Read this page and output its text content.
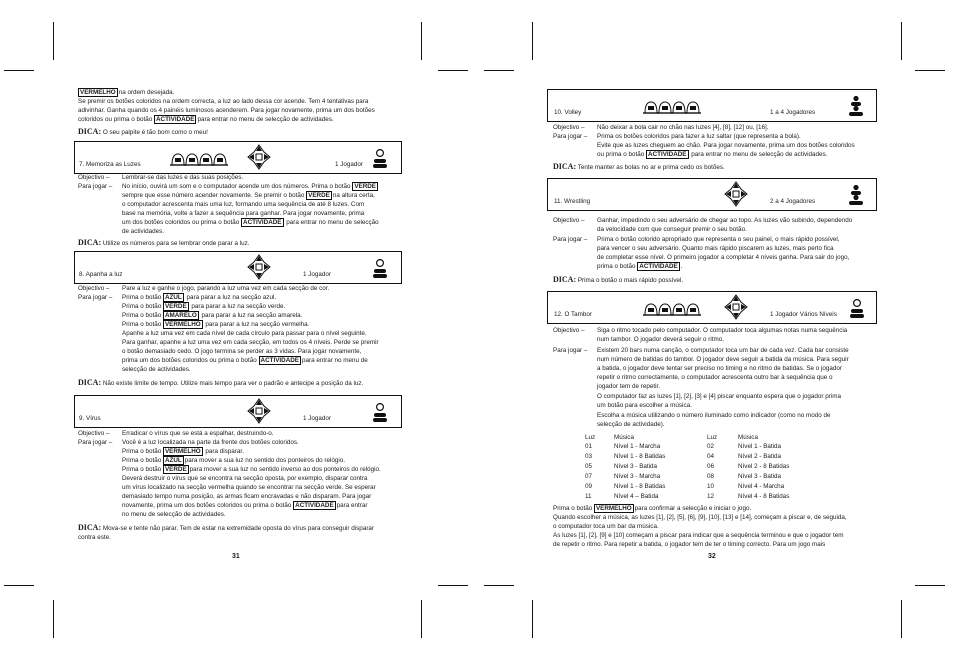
VERMELHO na ordem desejada.
Se premir os botões coloridos na ordem correcta, a luz ao lado dessa cor acende. Tem 4 tentativas para
adivinhar. Ganha quando os 4 painéis luminosos acenderem. Para jogar novamente, prima um dos botões
coloridos ou prima o botão ACTIVIDADE para entrar no menu de selecção de actividades.
DICA: O seu palpite é tão bom como o meu!
7. Memoriza as Luzes	1 Jogador
Objectivo – Lembrar-se das luzes e das suas posições.
Para jogar – No início, ouvirá um som e o computador acende um dos números. Prima o botão VERDE
sempre que esse número acender novamente. Se premir o botão VERDE na altura certa,
o computador acrescenta mais uma luz, formando uma sequência de até 8 luzes. Com
base na memória, volte a fazer a sequência para ganhar. Para jogar novamente, prima
um dos botões coloridos ou prima o botão ACTIVIDADE para entrar no menu de selecção
de actividades.
DICA: Utilize os números para se lembrar onde parar a luz.
8. Apanha a luz	1 Jogador
Objectivo – Pare a luz e ganhe o jogo, parando a luz uma vez em cada secção de cor.
Para jogar – Prima o botão AZUL para parar a luz na secção azul.
Prima o botão VERDE para parar a luz na secção verde.
Prima o botão AMARELO para parar a luz na secção amarela.
Prima o botão VERMELHO para parar a luz na secção vermelha.
Apanhe a luz uma vez em cada nível de cada círculo para passar para o nível seguinte.
Para ganhar, apanhe a luz uma vez em cada secção, em todos os 4 níveis. Perde se premir
o botão demasiado cedo. O jogo termina se perder as 3 vidas. Para jogar novamente,
prima um dos botões coloridos ou prima o botão ACTIVIDADE para entrar no menu de
selecção de actividades.
DICA: Não existe limite de tempo. Utilize mais tempo para ver o padrão e antecipe a posição da luz.
9. Vírus	1 Jogador
Objectivo – Erradicar o vírus que se está a espalhar, destruindo-o.
Para jogar – Você é a luz localizada na parte da frente dos botões coloridos.
Prima o botão VERMELHO para disparar.
Prima o botão AZUL para mover a sua luz no sentido dos ponteiros do relógio.
Prima o botão VERDE para mover a sua luz no sentido inverso ao dos ponteiros do relógio.
Deverá destruir o vírus que se encontra na secção oposta, por exemplo, disparar contra
um vírus localizado na secção vermelha quando se encontrar na secção verde. Se esperar
demasiado tempo numa posição, as armas ficam encravadas e não disparam. Para jogar
novamente, prima um dos botões coloridos ou prima o botão ACTIVIDADE para entrar
no menu de selecção de actividades.
DICA: Mova-se e tente não parar. Tem de estar na extremidade oposta do vírus para conseguir disparar
contra este.
31
10. Volley	1 a 4 Jogadores
Objectivo – Não deixar a bola cair no chão nas luzes [4], [8], [12] ou, [16].
Para jogar – Prima os botões coloridos para fazer a luz saltar (que representa a bola).
Evite que as luzes cheguem ao chão. Para jogar novamente, prima um dos botões coloridos
ou prima o botão ACTIVIDADE para entrar no menu de selecção de actividades.
DICA: Tente manter as bolas no ar e prima cedo os botões.
11. Wrestling	2 a 4 Jogadores
Objectivo – Ganhar, impedindo o seu adversário de chegar ao topo. As luzes vão subindo, dependendo
da velocidade com que conseguir premir o seu botão.
Para jogar – Prima o botão colorido apropriado que representa o seu painel, o mais rápido possível,
para vencer o seu adversário. Quanto mais rápido piscarem as luzes, mais perto fica
de completar esse nível. O primeiro jogador a completar 4 níveis ganha. Para sair do jogo,
prima o botão ACTIVIDADE .
DICA: Prima o botão o mais rápido possível.
12. O Tambor	1 Jogador Vários Níveis
Objectivo – Siga o ritmo tocado pelo computador. O computador toca algumas notas numa sequência
num tambor. O jogador deverá seguir o ritmo.
Para jogar – Existem 20 bars numa canção, o computador toca um bar de cada vez. Cada bar consiste
num número de batidas do tambor. O jogador deve seguir a batida da música. Para seguir
a batida, o jogador deve tentar ser preciso no timing e no ritmo de batidas. Se o jogador
repetir o ritmo correctamente, o computador acrescenta outro bar à sequência que o
jogador tem de repetir.
O computador faz as luzes [1], [2], [3] e [4] piscar enquanto espera que o jogador prima
um botão para escolher a música.
Escolha a música utilizando o número iluminado como indicador (como no modo de
selecção de actividade).
Luz	Música	Luz	Música
01	Nível 1 - Marcha	02	Nível 1 - Batida
03	Nível 1 - 8 Batidas	04	Nível 2 - Batida
05	Nível 3 - Batida	06	Nível 2 - 8 Batidas
07	Nível 3 - Marcha	08	Nível 3 - Batida
09	Nível 1 - 8 Batidas	10	Nível 4 - Marcha
11	Nível 4 – Batida	12	Nível 4 - 8 Batidas
Prima o botão VERMELHO para confirmar a selecção e iniciar o jogo.
Quando escolher a música, as luzes [1], [2], [5], [6], [9], [10], [13] e [14], começam a piscar e, de seguida,
o computador toca um bar da música.
As luzes [1], [2], [9] e [10] começam a piscar para indicar que a sequência terminou e que o jogador tem
de repetir o ritmo. Para repetir a batida, o jogador tem de ter o timing correcto. Para um jogo mais
32
